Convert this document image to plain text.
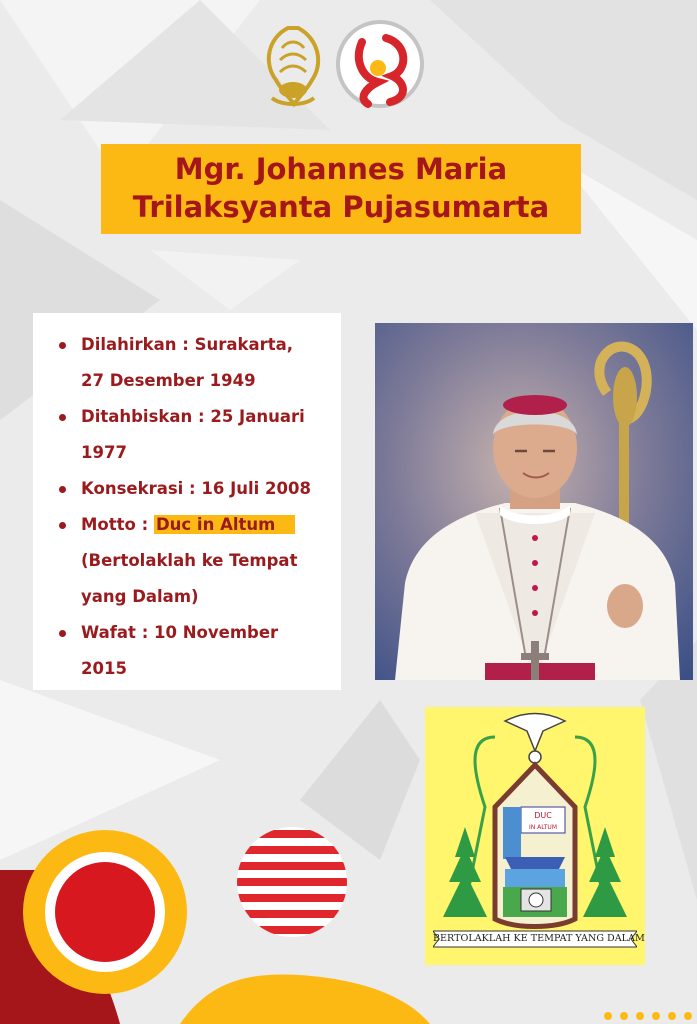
Mgr. Johannes Maria
Trilaksyanta Pujasumarta
Dilahirkan : Surakarta,
27 Desember 1949
Ditahbiskan : 25 Januari
1977
Konsekrasi : 16 Juli 2008
Motto : Duc in Altum
(Bertolaklah ke Tempat
yang Dalam)
Wafat : 10 November
2015
DUC
IN ALTUM
BERTOLAKLAH KE TEMPAT YANG DALAM
